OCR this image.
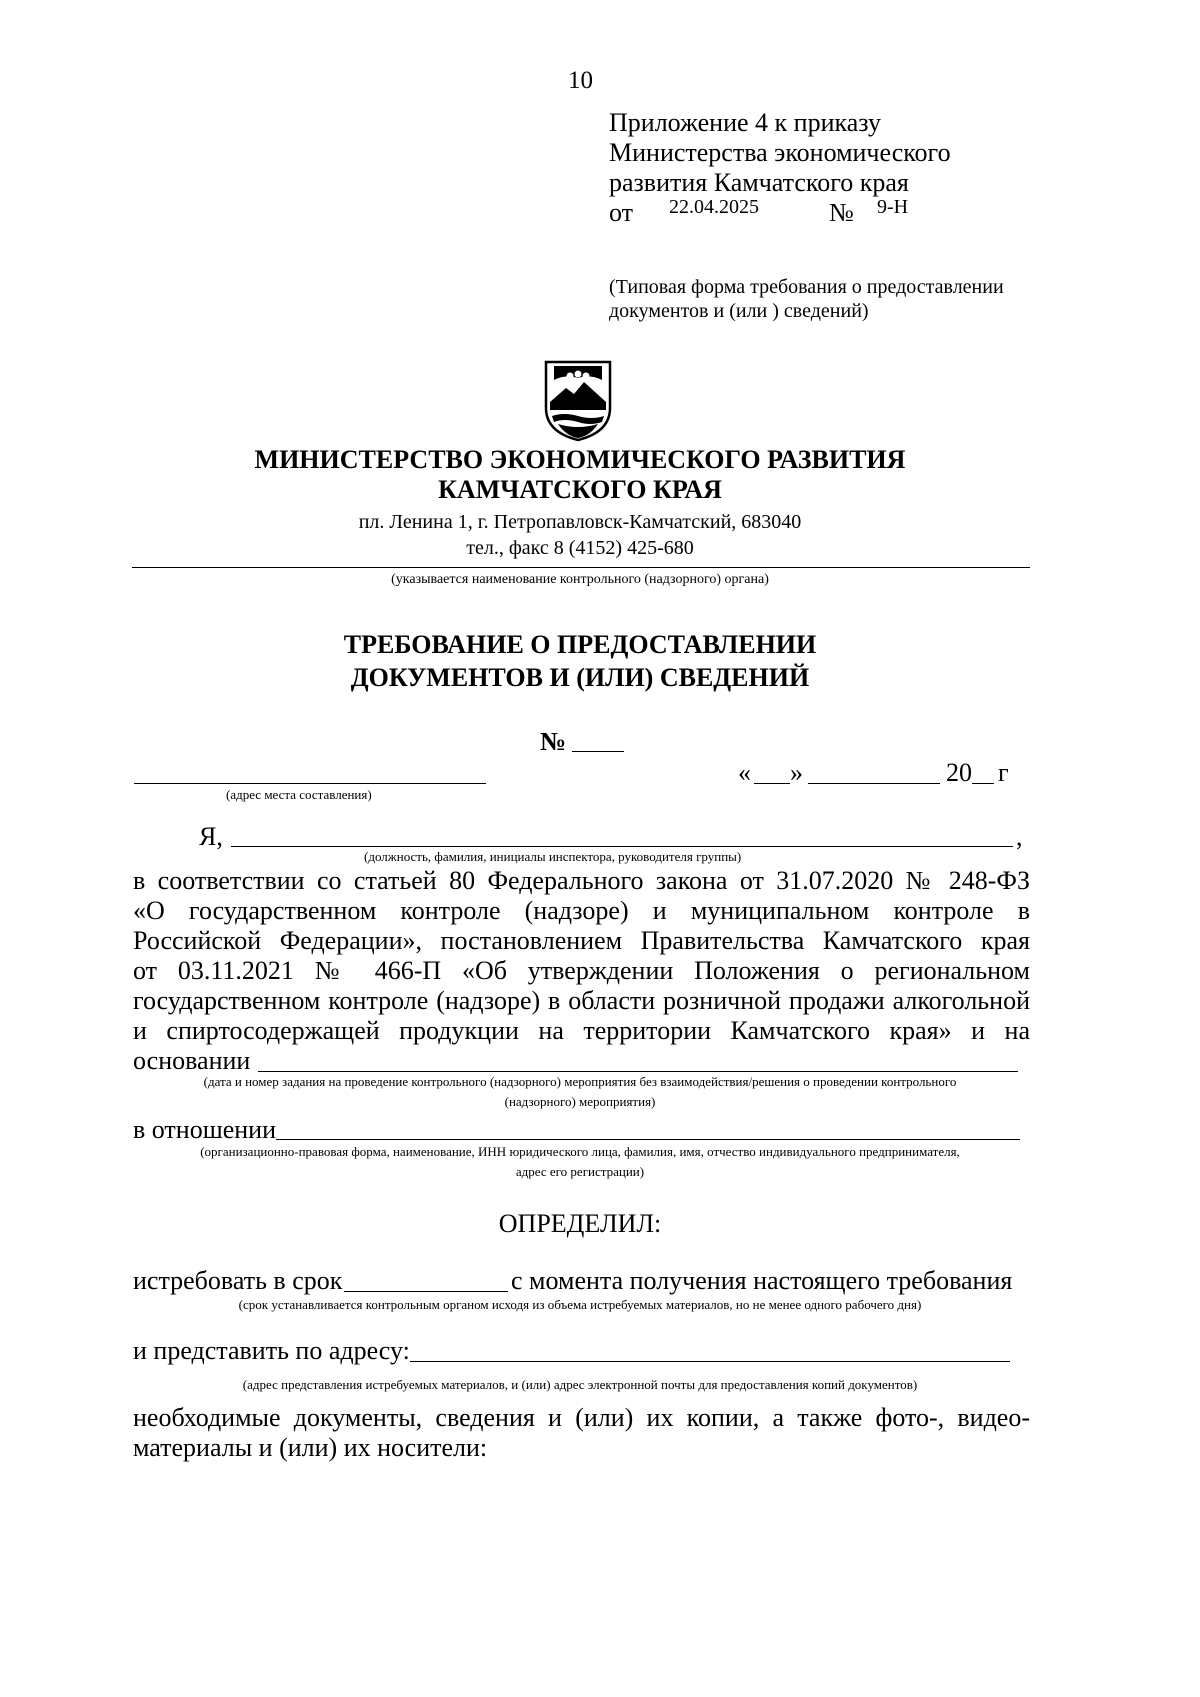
10
Приложение 4 к приказу
Министерства экономического
развития Камчатского края
от 22.04.2025	№ 9-Н
(Типовая форма требования о предоставлении
документов и (или ) сведений)
МИНИСТЕРСТВО ЭКОНОМИЧЕСКОГО РАЗВИТИЯ
КАМЧАТСКОГО КРАЯ
пл. Ленина 1, г. Петропавловск-Камчатский, 683040
тел., факс 8 (4152) 425-680
(указывается наименование контрольного (надзорного) органа)
ТРЕБОВАНИЕ О ПРЕДОСТАВЛЕНИИ
ДОКУМЕНТОВ И (ИЛИ) СВЕДЕНИЙ
№
(адрес места составления)
« »	20 г
Я,	,
(должность, фамилия, инициалы инспектора, руководителя группы)
в соответствии со статьей 80 Федерального закона от 31.07.2020 № 248-ФЗ
«О государственном контроле (надзоре) и муниципальном контроле в
Российской Федерации», постановлением Правительства Камчатского края
от 03.11.2021 № 466-П «Об утверждении Положения о региональном
государственном контроле (надзоре) в области розничной продажи алкогольной
и спиртосодержащей продукции на территории Камчатского края» и на
основании
(дата и номер задания на проведение контрольного (надзорного) мероприятия без взаимодействия/решения о проведении контрольного
(надзорного) мероприятия)
в отношении
(организационно-правовая форма, наименование, ИНН юридического лица, фамилия, имя, отчество индивидуального предпринимателя,
адрес его регистрации)
ОПРЕДЕЛИЛ:
истребовать в срок	с момента получения настоящего требования
(срок устанавливается контрольным органом исходя из объема истребуемых материалов, но не менее одного рабочего дня)
и представить по адресу:
(адрес представления истребуемых материалов, и (или) адрес электронной почты для предоставления копий документов)
необходимые документы, сведения и (или) их копии, а также фото-, видео-
материалы и (или) их носители:
